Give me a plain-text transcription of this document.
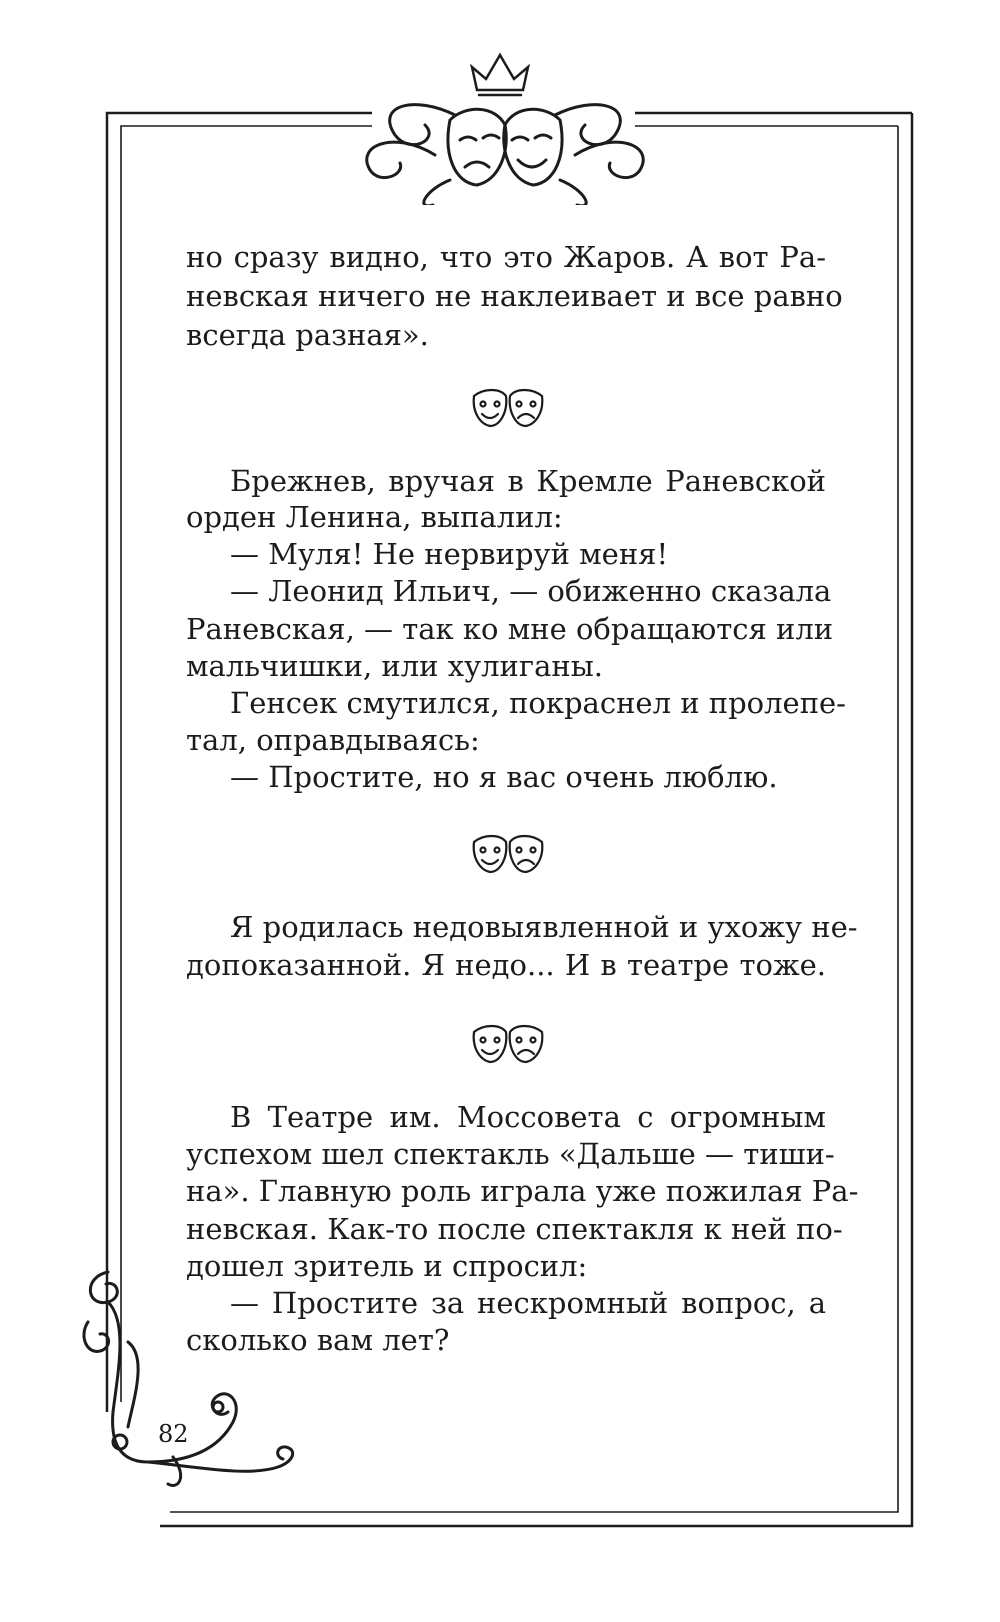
но сразу видно, что это Жаров. А вот Ра-
невская ничего не наклеивает и все равно
всегда разная».
Брежнев, вручая в Кремле Раневской
орден Ленина, выпалил:
— Муля! Не нервируй меня!
— Леонид Ильич, — обиженно сказала
Раневская, — так ко мне обращаются или
мальчишки, или хулиганы.
Генсек смутился, покраснел и пролепе-
тал, оправдываясь:
— Простите, но я вас очень люблю.
Я родилась недовыявленной и ухожу не-
допоказанной. Я недо... И в театре тоже.
В Театре им. Моссовета с огромным
успехом шел спектакль «Дальше — тиши-
на». Главную роль играла уже пожилая Ра-
невская. Как-то после спектакля к ней по-
дошел зритель и спросил:
— Простите за нескромный вопрос, а
сколько вам лет?
82
